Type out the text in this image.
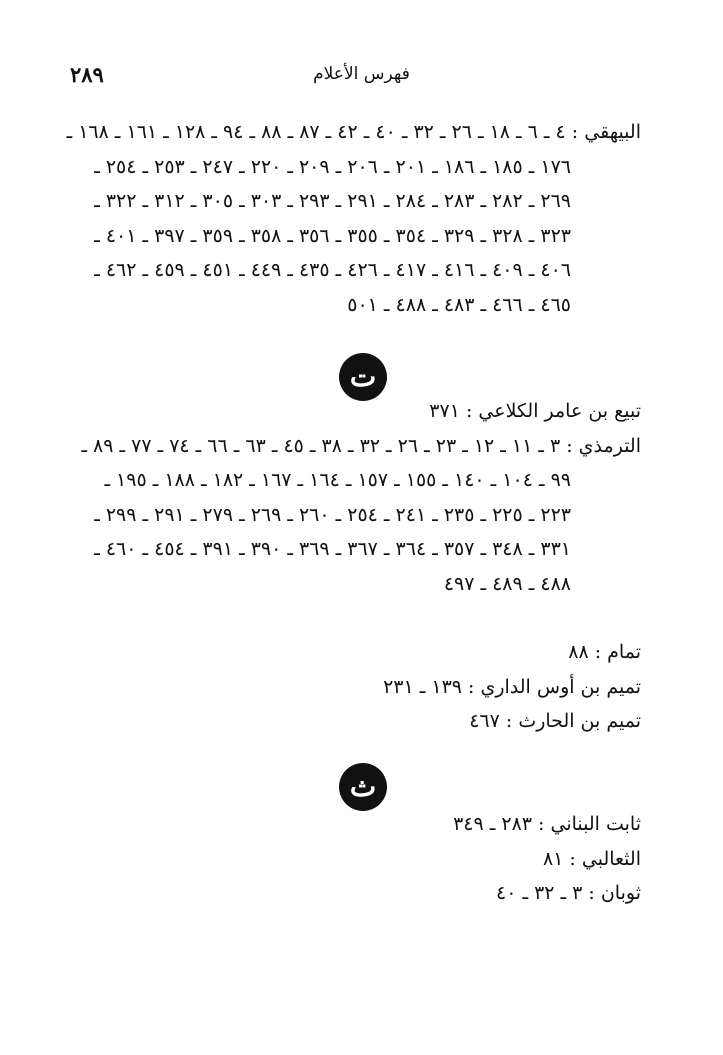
فهرس الأعلام
٢٨٩
البيهقي : ٤ ـ ٦ ـ ١٨ ـ ٢٦ ـ ٣٢ ـ ٤٠ ـ ٤٢ ـ ٨٧ ـ ٨٨ ـ ٩٤ ـ ١٢٨ ـ ١٦١ ـ ١٦٨ ـ
١٧٦ ـ ١٨٥ ـ ١٨٦ ـ ٢٠١ ـ ٢٠٦ ـ ٢٠٩ ـ ٢٢٠ ـ ٢٤٧ ـ ٢٥٣ ـ ٢٥٤ ـ
٢٦٩ ـ ٢٨٢ ـ ٢٨٣ ـ ٢٨٤ ـ ٢٩١ ـ ٢٩٣ ـ ٣٠٣ ـ ٣٠٥ ـ ٣١٢ ـ ٣٢٢ ـ
٣٢٣ ـ ٣٢٨ ـ ٣٢٩ ـ ٣٥٤ ـ ٣٥٥ ـ ٣٥٦ ـ ٣٥٨ ـ ٣٥٩ ـ ٣٩٧ ـ ٤٠١ ـ
٤٠٦ ـ ٤٠٩ ـ ٤١٦ ـ ٤١٧ ـ ٤٢٦ ـ ٤٣٥ ـ ٤٤٩ ـ ٤٥١ ـ ٤٥٩ ـ ٤٦٢ ـ
٤٦٥ ـ ٤٦٦ ـ ٤٨٣ ـ ٤٨٨ ـ ٥٠١
ت
تبيع بن عامر الكلاعي : ٣٧١
الترمذي : ٣ ـ ١١ ـ ١٢ ـ ٢٣ ـ ٢٦ ـ ٣٢ ـ ٣٨ ـ ٤٥ ـ ٦٣ ـ ٦٦ ـ ٧٤ ـ ٧٧ ـ ٨٩ ـ
٩٩ ـ ١٠٤ ـ ١٤٠ ـ ١٥٥ ـ ١٥٧ ـ ١٦٤ ـ ١٦٧ ـ ١٨٢ ـ ١٨٨ ـ ١٩٥ ـ
٢٢٣ ـ ٢٢٥ ـ ٢٣٥ ـ ٢٤١ ـ ٢٥٤ ـ ٢٦٠ ـ ٢٦٩ ـ ٢٧٩ ـ ٢٩١ ـ ٢٩٩ ـ
٣٣١ ـ ٣٤٨ ـ ٣٥٧ ـ ٣٦٤ ـ ٣٦٧ ـ ٣٦٩ ـ ٣٩٠ ـ ٣٩١ ـ ٤٥٤ ـ ٤٦٠ ـ
٤٨٨ ـ ٤٨٩ ـ ٤٩٧
تمام : ٨٨
تميم بن أوس الداري : ١٣٩ ـ ٢٣١
تميم بن الحارث : ٤٦٧
ث
ثابت البناني : ٢٨٣ ـ ٣٤٩
الثعالبي : ٨١
ثوبان : ٣ ـ ٣٢ ـ ٤٠
